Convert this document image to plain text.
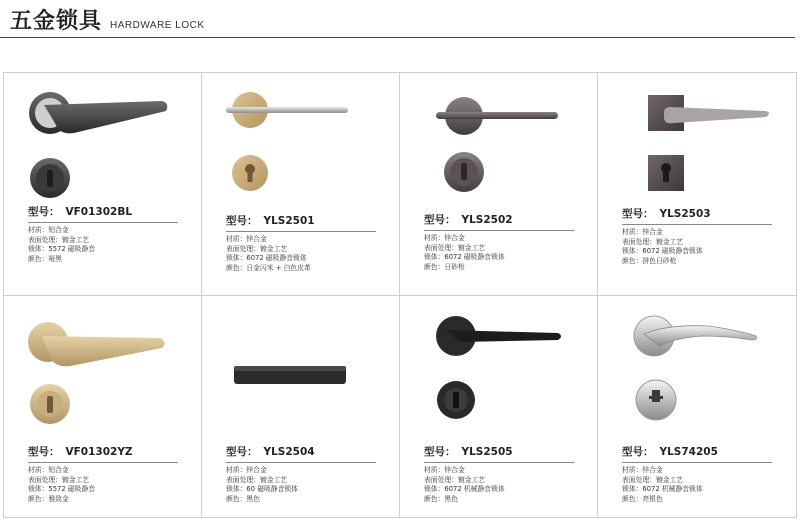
五金锁具 HARDWARE LOCK
型号： VF01302BL
材质：铝合金
表面处理：镀金工艺
锁体：5572 磁吸静音
颜色：哑黑
型号： YLS2501
材质：锌合金
表面处理：镀金工艺
锁体：6072 磁吸静音锁体
颜色：日金闪米 + 白色皮革
型号： YLS2502
材质：锌合金
表面处理：镀金工艺
锁体：6072 磁吸静音锁体
颜色：日砂枪
型号： YLS2503
材质：锌合金
表面处理：镀金工艺
锁体：6072 磁吸静音锁体
颜色：拼色日砂枪
型号： VF01302YZ
材质：铝合金
表面处理：镀金工艺
锁体：5572 磁吸静音
颜色：雅致金
型号： YLS2504
材质：锌合金
表面处理：镀金工艺
锁体：60 磁吸静音锁体
颜色：黑色
型号： YLS2505
材质：锌合金
表面处理：镀金工艺
锁体：6072 机械静音锁体
颜色：黑色
型号： YLS74205
材质：锌合金
表面处理：镀金工艺
锁体：6072 机械静音锁体
颜色：亮银色
